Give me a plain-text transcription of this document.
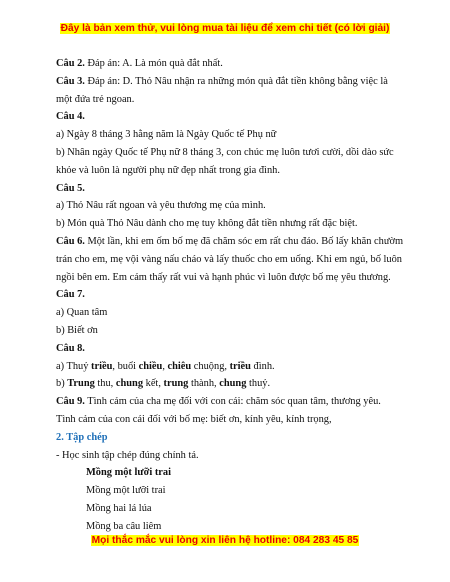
Đây là bản xem thử, vui lòng mua tài liệu để xem chi tiết (có lời giải)

Câu 2. Đáp án: A. Là món quà đắt nhất.

Câu 3. Đáp án: D. Thỏ Nâu nhận ra những món quà đắt tiền không bằng việc là một đứa trẻ ngoan.

Câu 4.

a) Ngày 8 tháng 3 hằng năm là Ngày Quốc tế Phụ nữ

b) Nhân ngày Quốc tế Phụ nữ 8 tháng 3, con chúc mẹ luôn tươi cười, dồi dào sức khỏe và luôn là người phụ nữ đẹp nhất trong gia đình.

Câu 5.

a) Thỏ Nâu rất ngoan và yêu thương mẹ của mình.

b) Món quà Thỏ Nâu dành cho mẹ tuy không đắt tiền nhưng rất đặc biệt.

Câu 6. Một lần, khi em ốm bố mẹ đã chăm sóc em rất chu đáo. Bố lấy khăn chườm trán cho em, mẹ vội vàng nấu cháo và lấy thuốc cho em uống. Khi em ngủ, bố luôn ngồi bên em. Em cảm thấy rất vui và hạnh phúc vì luôn được bố mẹ yêu thương.

Câu 7.

a) Quan tâm

b) Biết ơn

Câu 8.

a) Thuỷ triều, buổi chiều, chiêu chuộng, triều đình.

b) Trung thu, chung kết, trung thành, chung thuỷ.

Câu 9. Tình cảm của cha mẹ đối với con cái: chăm sóc quan tâm, thương yêu.

Tình cảm của con cái đối với bố mẹ: biết ơn, kính yêu, kính trọng,

2. Tập chép

- Học sinh tập chép đúng chính tả.

Mồng một lưỡi trai

Mồng một lưỡi trai

Mồng hai lá lúa

Mồng ba câu liêm

Mọi thắc mắc vui lòng xin liên hệ hotline: 084 283 45 85
